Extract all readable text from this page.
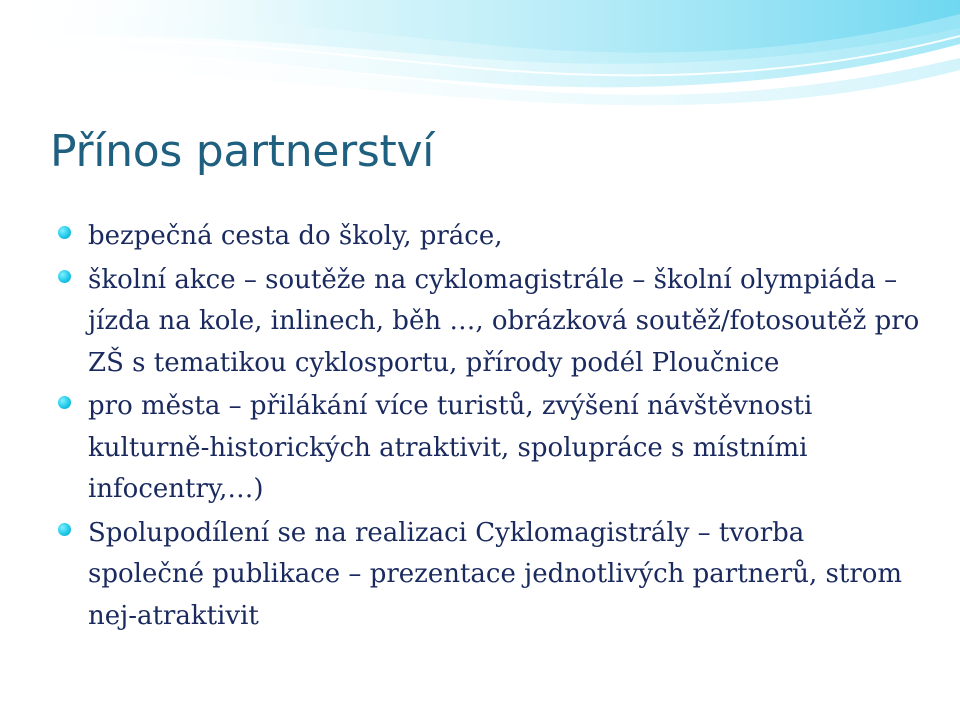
Přínos partnerství
bezpečná cesta do školy, práce,
školní akce – soutěže na cyklomagistrále – školní olympiáda – jízda na kole, inlinech, běh …, obrázková soutěž/fotosoutěž pro ZŠ s tematikou cyklosportu, přírody podél Ploučnice
pro města – přilákání více turistů, zvýšení návštěvnosti kulturně-historických atraktivit, spolupráce s místními infocentry,…)
Spolupodílení se na realizaci Cyklomagistrály – tvorba společné publikace – prezentace jednotlivých partnerů, strom nej-atraktivit
